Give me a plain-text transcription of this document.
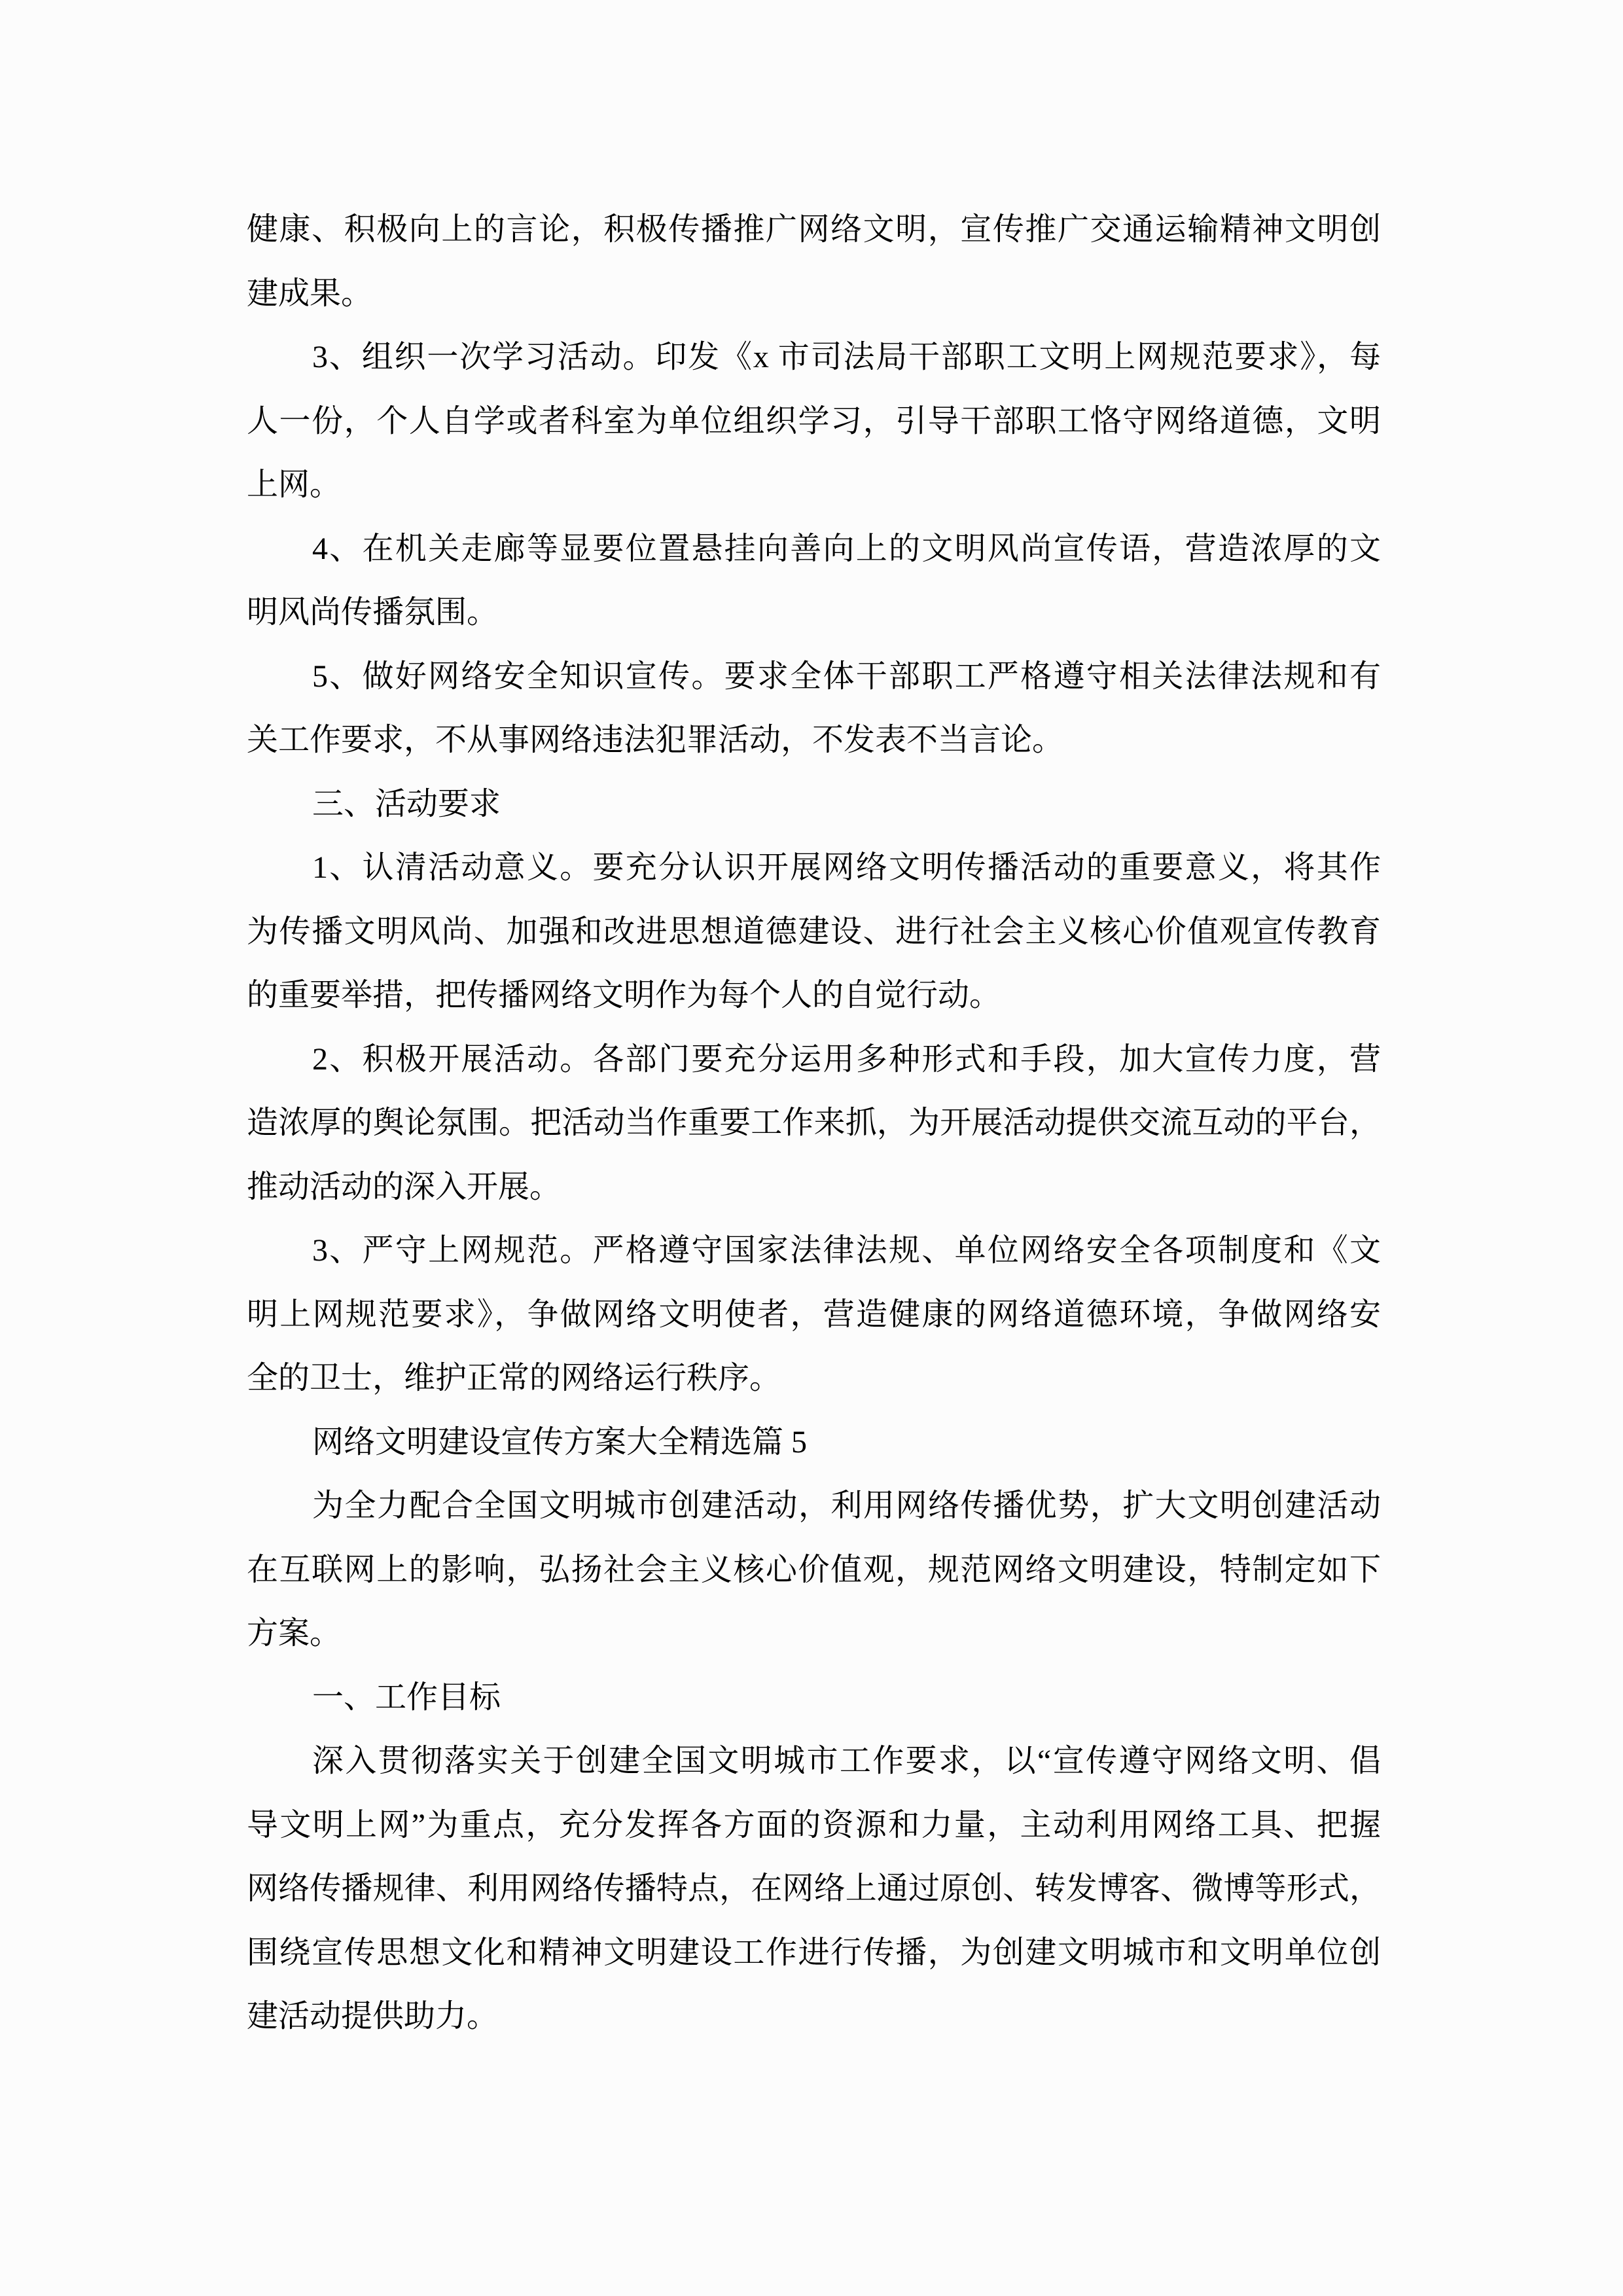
健康、积极向上的言论，积极传播推广网络文明，宣传推广交通运输精神文明创
建成果。
3、组织一次学习活动。印发《x 市司法局干部职工文明上网规范要求》，每
人一份，个人自学或者科室为单位组织学习，引导干部职工恪守网络道德，文明
上网。
4、在机关走廊等显要位置悬挂向善向上的文明风尚宣传语，营造浓厚的文
明风尚传播氛围。
5、做好网络安全知识宣传。要求全体干部职工严格遵守相关法律法规和有
关工作要求，不从事网络违法犯罪活动，不发表不当言论。
三、活动要求
1、认清活动意义。要充分认识开展网络文明传播活动的重要意义，将其作
为传播文明风尚、加强和改进思想道德建设、进行社会主义核心价值观宣传教育
的重要举措，把传播网络文明作为每个人的自觉行动。
2、积极开展活动。各部门要充分运用多种形式和手段，加大宣传力度，营
造浓厚的舆论氛围。把活动当作重要工作来抓，为开展活动提供交流互动的平台，
推动活动的深入开展。
3、严守上网规范。严格遵守国家法律法规、单位网络安全各项制度和《文
明上网规范要求》，争做网络文明使者，营造健康的网络道德环境，争做网络安
全的卫士，维护正常的网络运行秩序。
网络文明建设宣传方案大全精选篇 5
为全力配合全国文明城市创建活动，利用网络传播优势，扩大文明创建活动
在互联网上的影响，弘扬社会主义核心价值观，规范网络文明建设，特制定如下
方案。
一、工作目标
深入贯彻落实关于创建全国文明城市工作要求，以“宣传遵守网络文明、倡
导文明上网”为重点，充分发挥各方面的资源和力量，主动利用网络工具、把握
网络传播规律、利用网络传播特点，在网络上通过原创、转发博客、微博等形式，
围绕宣传思想文化和精神文明建设工作进行传播，为创建文明城市和文明单位创
建活动提供助力。
